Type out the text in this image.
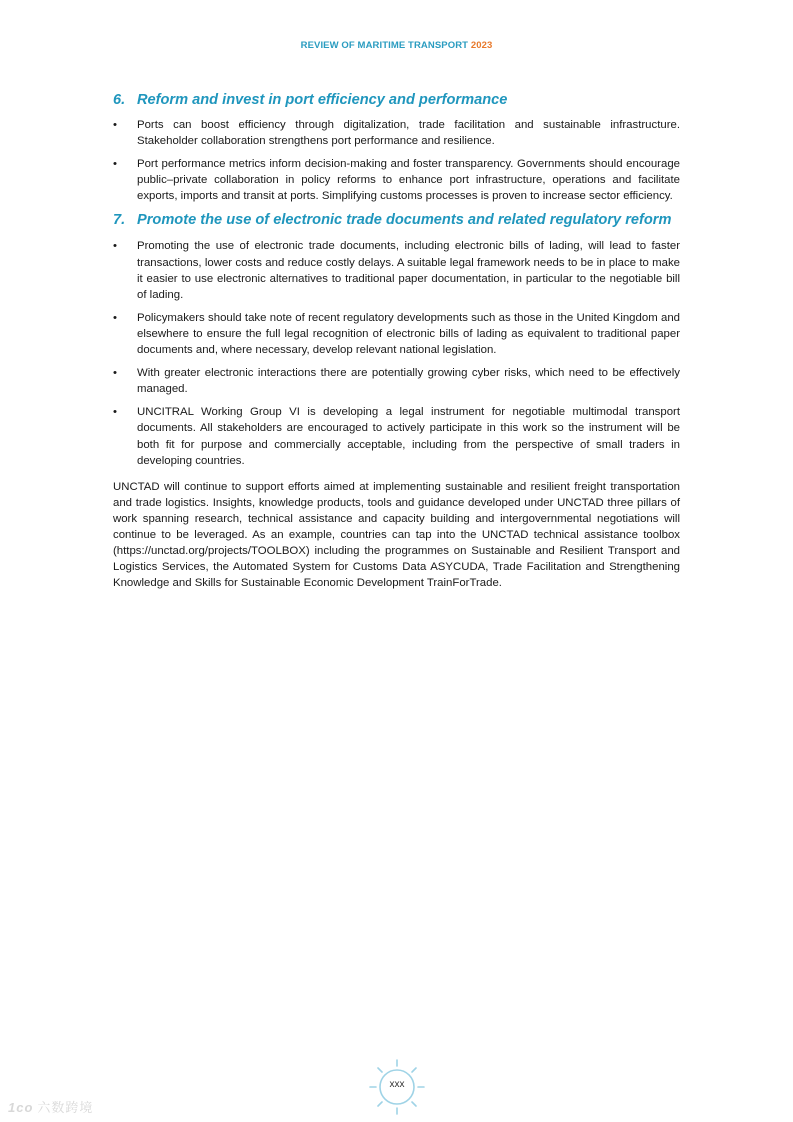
REVIEW OF MARITIME TRANSPORT 2023
6. Reform and invest in port efficiency and performance
• Ports can boost efficiency through digitalization, trade facilitation and sustainable infrastructure. Stakeholder collaboration strengthens port performance and resilience.
• Port performance metrics inform decision-making and foster transparency. Governments should encourage public–private collaboration in policy reforms to enhance port infrastructure, operations and facilitate exports, imports and transit at ports. Simplifying customs processes is proven to increase sector efficiency.
7. Promote the use of electronic trade documents and related regulatory reform
• Promoting the use of electronic trade documents, including electronic bills of lading, will lead to faster transactions, lower costs and reduce costly delays. A suitable legal framework needs to be in place to make it easier to use electronic alternatives to traditional paper documentation, in particular to the negotiable bill of lading.
• Policymakers should take note of recent regulatory developments such as those in the United Kingdom and elsewhere to ensure the full legal recognition of electronic bills of lading as equivalent to traditional paper documents and, where necessary, develop relevant national legislation.
• With greater electronic interactions there are potentially growing cyber risks, which need to be effectively managed.
• UNCITRAL Working Group VI is developing a legal instrument for negotiable multimodal transport documents. All stakeholders are encouraged to actively participate in this work so the instrument will be both fit for purpose and commercially acceptable, including from the perspective of small traders in developing countries.

UNCTAD will continue to support efforts aimed at implementing sustainable and resilient freight transportation and trade logistics. Insights, knowledge products, tools and guidance developed under UNCTAD three pillars of work spanning research, technical assistance and capacity building and intergovernmental negotiations will continue to be leveraged. As an example, countries can tap into the UNCTAD technical assistance toolbox (https://unctad.org/projects/TOOLBOX) including the programmes on Sustainable and Resilient Transport and Logistics Services, the Automated System for Customs Data ASYCUDA, Trade Facilitation and Strengthening Knowledge and Skills for Sustainable Economic Development TrainForTrade.

xxx
1co 六数跨境
